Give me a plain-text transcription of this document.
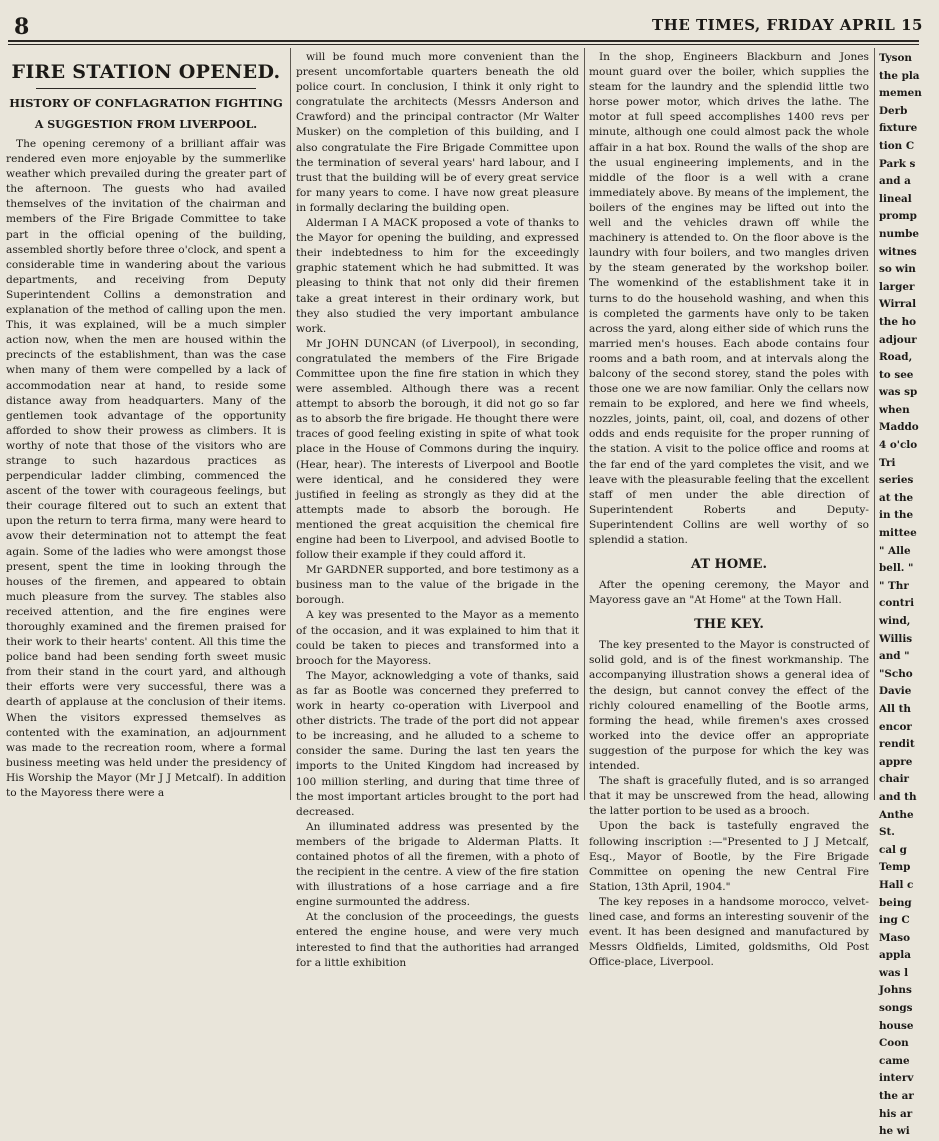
8	THE TIMES, FRIDAY APRIL 15
FIRE STATION OPENED.
HISTORY OF CONFLAGRATION FIGHTING
A SUGGESTION FROM LIVERPOOL.

The opening ceremony of a brilliant affair was rendered even more enjoyable by the summerlike weather which prevailed during the greater part of the afternoon. The guests who had availed themselves of the invitation of the chairman and members of the Fire Brigade Committee to take part in the official opening of the building, assembled shortly before three o'clock, and spent a considerable time in wandering about the various departments, and receiving from Deputy Superintendent Collins a demonstration and explanation of the method of calling upon the men. This, it was explained, will be a much simpler action now, when the men are housed within the precincts of the establishment, than was the case when many of them were compelled by a lack of accommodation near at hand, to reside some distance away from headquarters. Many of the gentlemen took advantage of the opportunity afforded to show their prowess as climbers. It is worthy of note that those of the visitors who are strange to such hazardous practices as perpendicular ladder climbing, commenced the ascent of the tower with courageous feelings, but their courage filtered out to such an extent that upon the return to terra firma, many were heard to avow their determination not to attempt the feat again. Some of the ladies who were amongst those present, spent the time in looking through the houses of the firemen, and appeared to obtain much pleasure from the survey. The stables also received attention, and the fire engines were thoroughly examined and the firemen praised for their work to their hearts' content. All this time the police band had been sending forth sweet music from their stand in the court yard, and although their efforts were very successful, there was a dearth of applause at the conclusion of their items. When the visitors expressed themselves as contented with the examination, an adjournment was made to the recreation room, where a formal business meeting was held under the presidency of His Worship the Mayor (Mr J J Metcalf). In addition to the Mayoress there were a

will be found much more convenient than the present uncomfortable quarters beneath the old police court. In conclusion, I think it only right to congratulate the architects (Messrs Anderson and Crawford) and the principal contractor (Mr Walter Musker) on the completion of this building, and I also congratulate the Fire Brigade Committee upon the termination of several years' hard labour, and I trust that the building will be of every great service for many years to come. I have now great pleasure in formally declaring the building open.

Alderman I A MACK proposed a vote of thanks to the Mayor for opening the building, and expressed their indebtedness to him for the exceedingly graphic statement which he had submitted. It was pleasing to think that not only did their firemen take a great interest in their ordinary work, but they also studied the very important ambulance work.

Mr JOHN DUNCAN (of Liverpool), in seconding, congratulated the members of the Fire Brigade Committee upon the fine fire station in which they were assembled. Although there was a recent attempt to absorb the borough, it did not go so far as to absorb the fire brigade. He thought there were traces of good feeling existing in spite of what took place in the House of Commons during the inquiry. (Hear, hear). The interests of Liverpool and Bootle were identical, and he considered they were justified in feeling as strongly as they did at the attempts made to absorb the borough. He mentioned the great acquisition the chemical fire engine had been to Liverpool, and advised Bootle to follow their example if they could afford it.

Mr GARDNER supported, and bore testimony as a business man to the value of the brigade in the borough.

A key was presented to the Mayor as a memento of the occasion, and it was explained to him that it could be taken to pieces and transformed into a brooch for the Mayoress.

The Mayor, acknowledging a vote of thanks, said as far as Bootle was concerned they preferred to work in hearty co-operation with Liverpool and other districts. The trade of the port did not appear to be increasing, and he alluded to a scheme to consider the same. During the last ten years the imports to the United Kingdom had increased by 100 million sterling, and during that time three of the most important articles brought to the port had decreased.

An illuminated address was presented by the members of the brigade to Alderman Platts. It contained photos of all the firemen, with a photo of the recipient in the centre. A view of the fire station with illustrations of a hose carriage and a fire engine surmounted the address.

At the conclusion of the proceedings, the guests entered the engine house, and were very much interested to find that the authorities had arranged for a little exhibition

In the shop, Engineers Blackburn and Jones mount guard over the boiler, which supplies the steam for the laundry and the splendid little two horse power motor, which drives the lathe. The motor at full speed accomplishes 1400 revs per minute, although one could almost pack the whole affair in a hat box. Round the walls of the shop are the usual engineering implements, and in the middle of the floor is a well with a crane immediately above. By means of the implement, the boilers of the engines may be lifted out into the well and the vehicles drawn off while the machinery is attended to. On the floor above is the laundry with four boilers, and two mangles driven by the steam generated by the workshop boiler. The womenkind of the establishment take it in turns to do the household washing, and when this is completed the garments have only to be taken across the yard, along either side of which runs the married men's houses. Each abode contains four rooms and a bath room, and at intervals along the balcony of the second storey, stand the poles with those one we are now familiar. Only the cellars now remain to be explored, and here we find wheels, nozzles, joints, paint, oil, coal, and dozens of other odds and ends requisite for the proper running of the station. A visit to the police office and rooms at the far end of the yard completes the visit, and we leave with the pleasurable feeling that the excellent staff of men under the able direction of Superintendent Roberts and Deputy-Superintendent Collins are well worthy of so splendid a station.

AT HOME.

After the opening ceremony, the Mayor and Mayoress gave an "At Home" at the Town Hall.

THE KEY.

The key presented to the Mayor is constructed of solid gold, and is of the finest workmanship. The accompanying illustration shows a general idea of the design, but cannot convey the effect of the richly coloured enamelling of the Bootle arms, forming the head, while firemen's axes crossed worked into the device offer an appropriate suggestion of the purpose for which the key was intended.

The shaft is gracefully fluted, and is so arranged that it may be unscrewed from the head, allowing the latter portion to be used as a brooch.

Upon the back is tastefully engraved the following inscription :—"Presented to J J Metcalf, Esq., Mayor of Bootle, by the Fire Brigade Committee on opening the new Central Fire Station, 13th April, 1904."

The key reposes in a handsome morocco, velvet-lined case, and forms an interesting souvenir of the event. It has been designed and manufactured by Messrs Oldfields, Limited, goldsmiths, Old Post Office-place, Liverpool.

Tyson
the pla
memen
Derb
fixture
tion C
Park s
and a
lineal
promp
numbe
witnes
so win
larger
Wirral
the ho
adjour
Road,
to see
was sp
when
Maddo
4 o'clo
Tri
series
at the
in the
mittee
" Alle
bell. "
" Thr
contri
wind,
Willis
and "
"Scho
Davie
All th
encor
rendit
appre
chair
and th
Anthe
St.
cal g
Temp
Hall c
being
ing C
Maso
appla
was l
Johns
songs
house
Coon
came
interv
the ar
his ar
he wi
